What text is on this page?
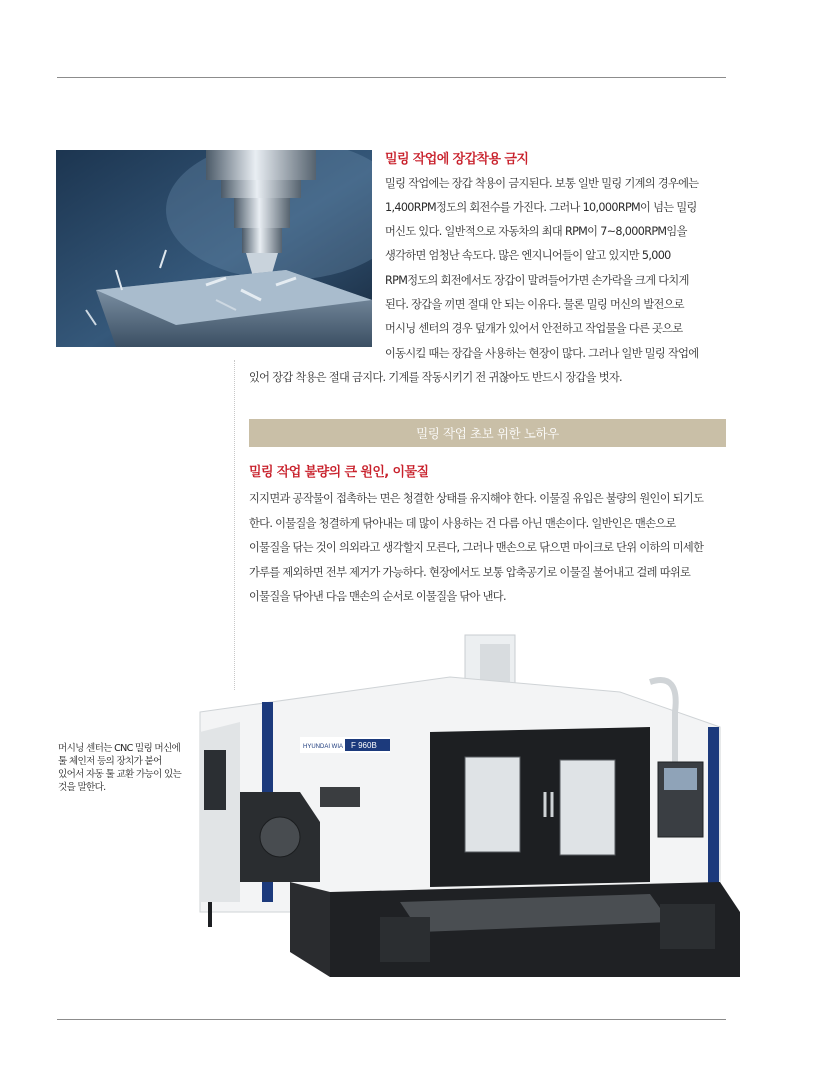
밀링 작업에 장갑착용 금지
밀링 작업에는 장갑 착용이 금지된다. 보통 일반 밀링 기계의 경우에는
1,400RPM정도의 회전수를 가진다. 그러나 10,000RPM이 넘는 밀링
머신도 있다. 일반적으로 자동차의 최대 RPM이 7~8,000RPM임을
생각하면 엄청난 속도다. 많은 엔지니어들이 알고 있지만 5,000
RPM정도의 회전에서도 장갑이 말려들어가면 손가락을 크게 다치게
된다. 장갑을 끼면 절대 안 되는 이유다. 물론 밀링 머신의 발전으로
머시닝 센터의 경우 덮개가 있어서 안전하고 작업물을 다른 곳으로
이동시킬 때는 장갑을 사용하는 현장이 많다. 그러나 일반 밀링 작업에
있어 장갑 착용은 절대 금지다. 기계를 작동시키기 전 귀찮아도 반드시 장갑을 벗자.
밀링 작업 초보 위한 노하우
밀링 작업 불량의 큰 원인, 이물질
지지면과 공작물이 접촉하는 면은 청결한 상태를 유지해야 한다. 이물질 유입은 불량의 원인이 되기도
한다. 이물질을 청결하게 닦아내는 데 많이 사용하는 건 다름 아닌 맨손이다. 일반인은 맨손으로
이물질을 닦는 것이 의외라고 생각할지 모른다, 그러나 맨손으로 닦으면 마이크로 단위 이하의 미세한
가루를 제외하면 전부 제거가 가능하다. 현장에서도 보통 압축공기로 이물질 불어내고 걸레 따위로
이물질을 닦아낸 다음 맨손의 순서로 이물질을 닦아 낸다.
머시닝 센터는 CNC 밀링 머신에
툴 체인저 등의 장치가 붙어
있어서 자동 툴 교환 가능이 있는
것을 말한다.
F 960B
HYUNDAI WIA
